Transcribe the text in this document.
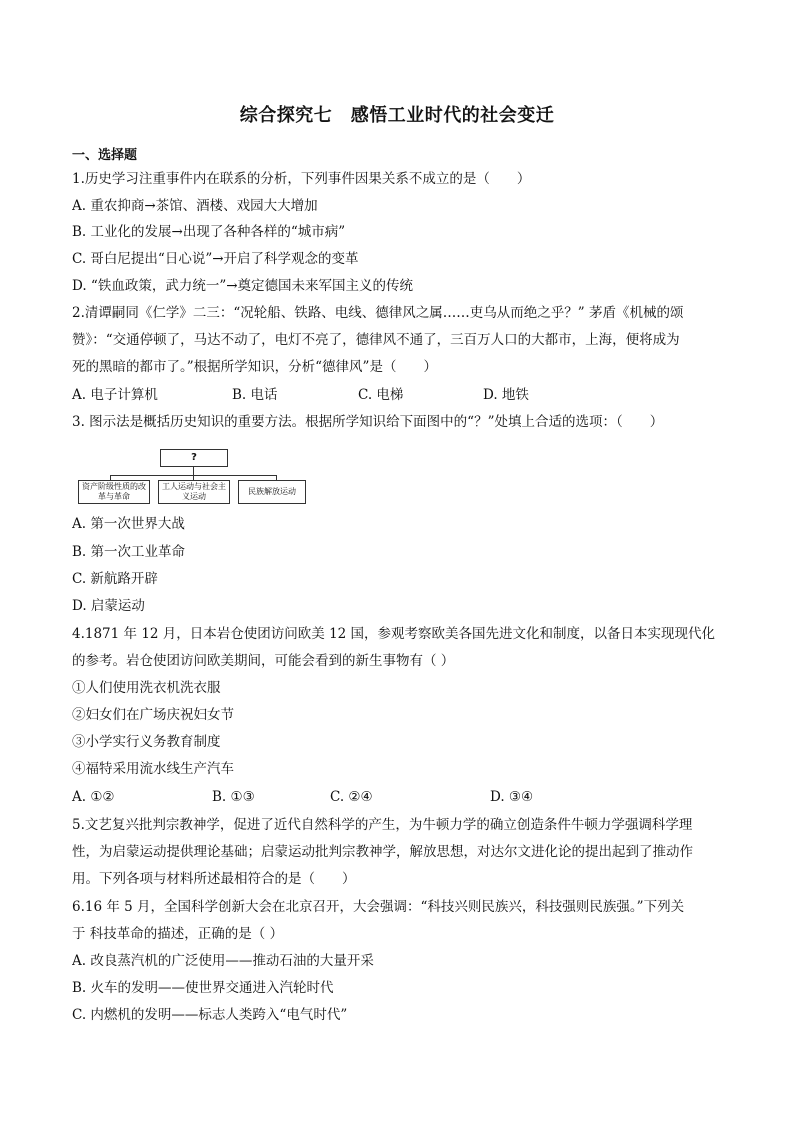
综合探究七　感悟工业时代的社会变迁
一、选择题
1.历史学习注重事件内在联系的分析，下列事件因果关系不成立的是（　　）
A. 重农抑商→茶馆、酒楼、戏园大大增加
B. 工业化的发展→出现了各种各样的“城市病”
C. 哥白尼提出“日心说”→开启了科学观念的变革
D. “铁血政策，武力统一”→奠定德国未来军国主义的传统
2.清谭嗣同《仁学》二三：“况轮船、铁路、电线、德律风之属……吏乌从而绝之乎？” 茅盾《机械的颂
赞》：“交通停顿了，马达不动了，电灯不亮了，德律风不通了，三百万人口的大都市，上海，便将成为
死的黑暗的都市了。”根据所学知识，分析“德律风”是（　　）
A. 电子计算机	B. 电话	C. 电梯	D. 地铁
3. 图示法是概括历史知识的重要方法。根据所学知识给下面图中的“？”处填上合适的选项：（　　）
?
资产阶级性质的改革与革命
工人运动与社会主义运动
民族解放运动
A. 第一次世界大战
B. 第一次工业革命
C. 新航路开辟
D. 启蒙运动
4.1871 年 12 月，日本岩仓使团访问欧美 12 国，参观考察欧美各国先进文化和制度，以备日本实现现代化
的参考。岩仓使团访问欧美期间，可能会看到的新生事物有（ ）
①人们使用洗衣机洗衣服
②妇女们在广场庆祝妇女节
③小学实行义务教育制度
④福特采用流水线生产汽车
A. ①②	B. ①③	C. ②④	D. ③④
5.文艺复兴批判宗教神学，促进了近代自然科学的产生，为牛顿力学的确立创造条件牛顿力学强调科学理
性，为启蒙运动提供理论基础；启蒙运动批判宗教神学，解放思想，对达尔文进化论的提出起到了推动作
用。下列各项与材料所述最相符合的是（　　）
6.16 年 5 月，全国科学创新大会在北京召开，大会强调：“科技兴则民族兴，科技强则民族强。”下列关
于 科技革命的描述，正确的是（ ）
A. 改良蒸汽机的广泛使用——推动石油的大量开采
B. 火车的发明——使世界交通进入汽轮时代
C. 内燃机的发明——标志人类跨入“电气时代”
